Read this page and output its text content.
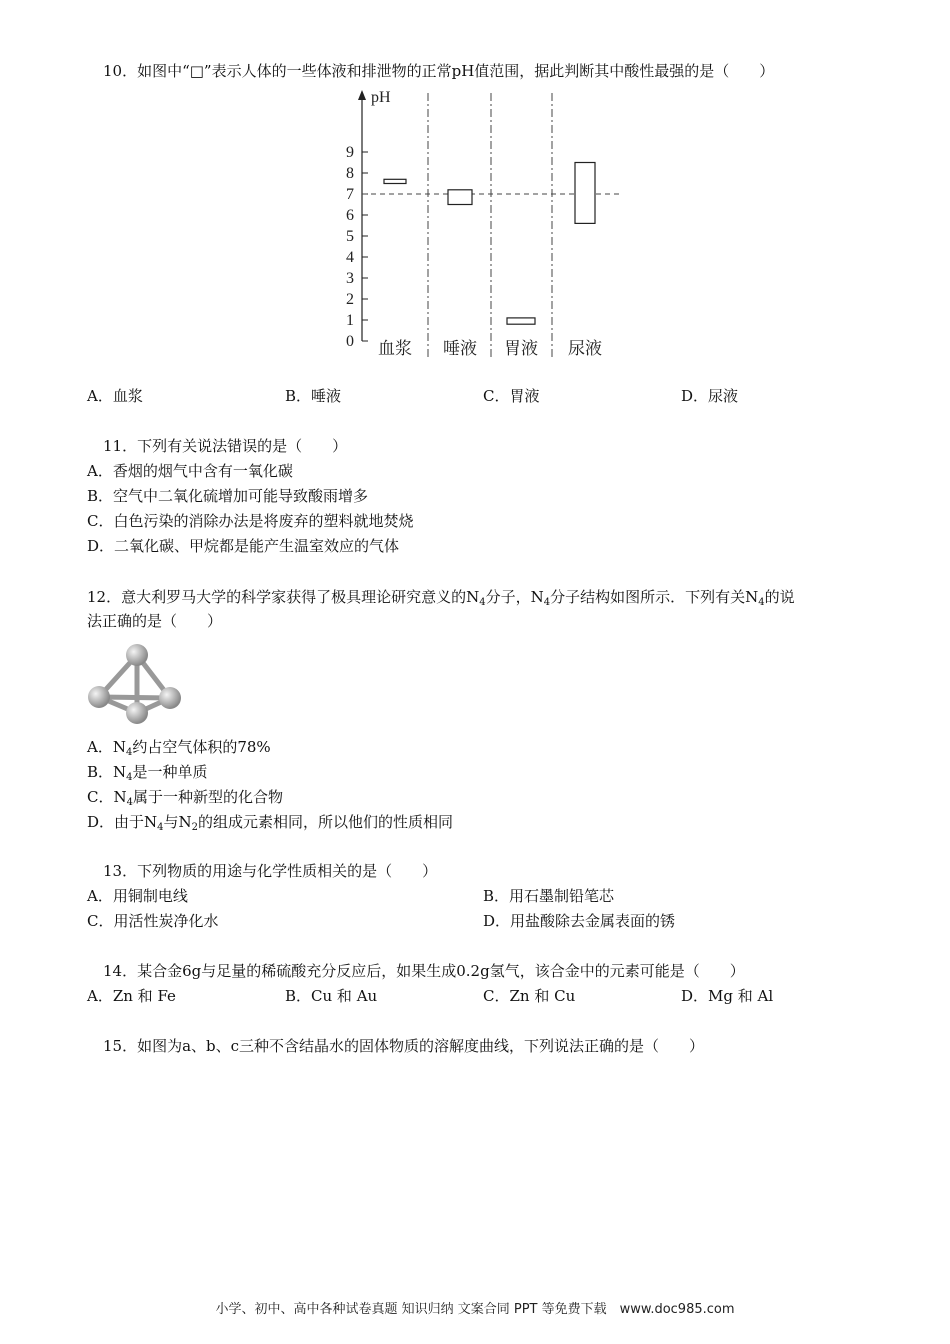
10．如图中“□”表示人体的一些体液和排泄物的正常pH值范围，据此判断其中酸性最强的是（　　）
pH
0
1
2
3
4
5
6
7
8
9
血浆 唾液 胃液 尿液
A．血浆	B．唾液	C．胃液	D．尿液
11．下列有关说法错误的是（　　）
A．香烟的烟气中含有一氧化碳
B．空气中二氧化硫增加可能导致酸雨增多
C．白色污染的消除办法是将废弃的塑料就地焚烧
D．二氧化碳、甲烷都是能产生温室效应的气体
12．意大利罗马大学的科学家获得了极具理论研究意义的$N_4$分子，$N_4$分子结构如图所示．下列有关$N_4$的说
法正确的是（　　）
A．$N_4$约占空气体积的78%
B．$N_4$是一种单质
C．$N_4$属于一种新型的化合物
D．由于$N_4$与$N_2$的组成元素相同，所以他们的性质相同
13．下列物质的用途与化学性质相关的是（　　）
A．用铜制电线	B．用石墨制铅笔芯
C．用活性炭净化水	D．用盐酸除去金属表面的锈
14．某合金6g与足量的稀硫酸充分反应后，如果生成0.2g氢气，该合金中的元素可能是（　　）
A．Zn 和 Fe	B．Cu 和 Au	C．Zn 和 Cu	D．Mg 和 Al
15．如图为a、b、c三种不含结晶水的固体物质的溶解度曲线，下列说法正确的是（　　）
小学、初中、高中各种试卷真题 知识归纳 文案合同 PPT 等免费下载　www.doc985.com
